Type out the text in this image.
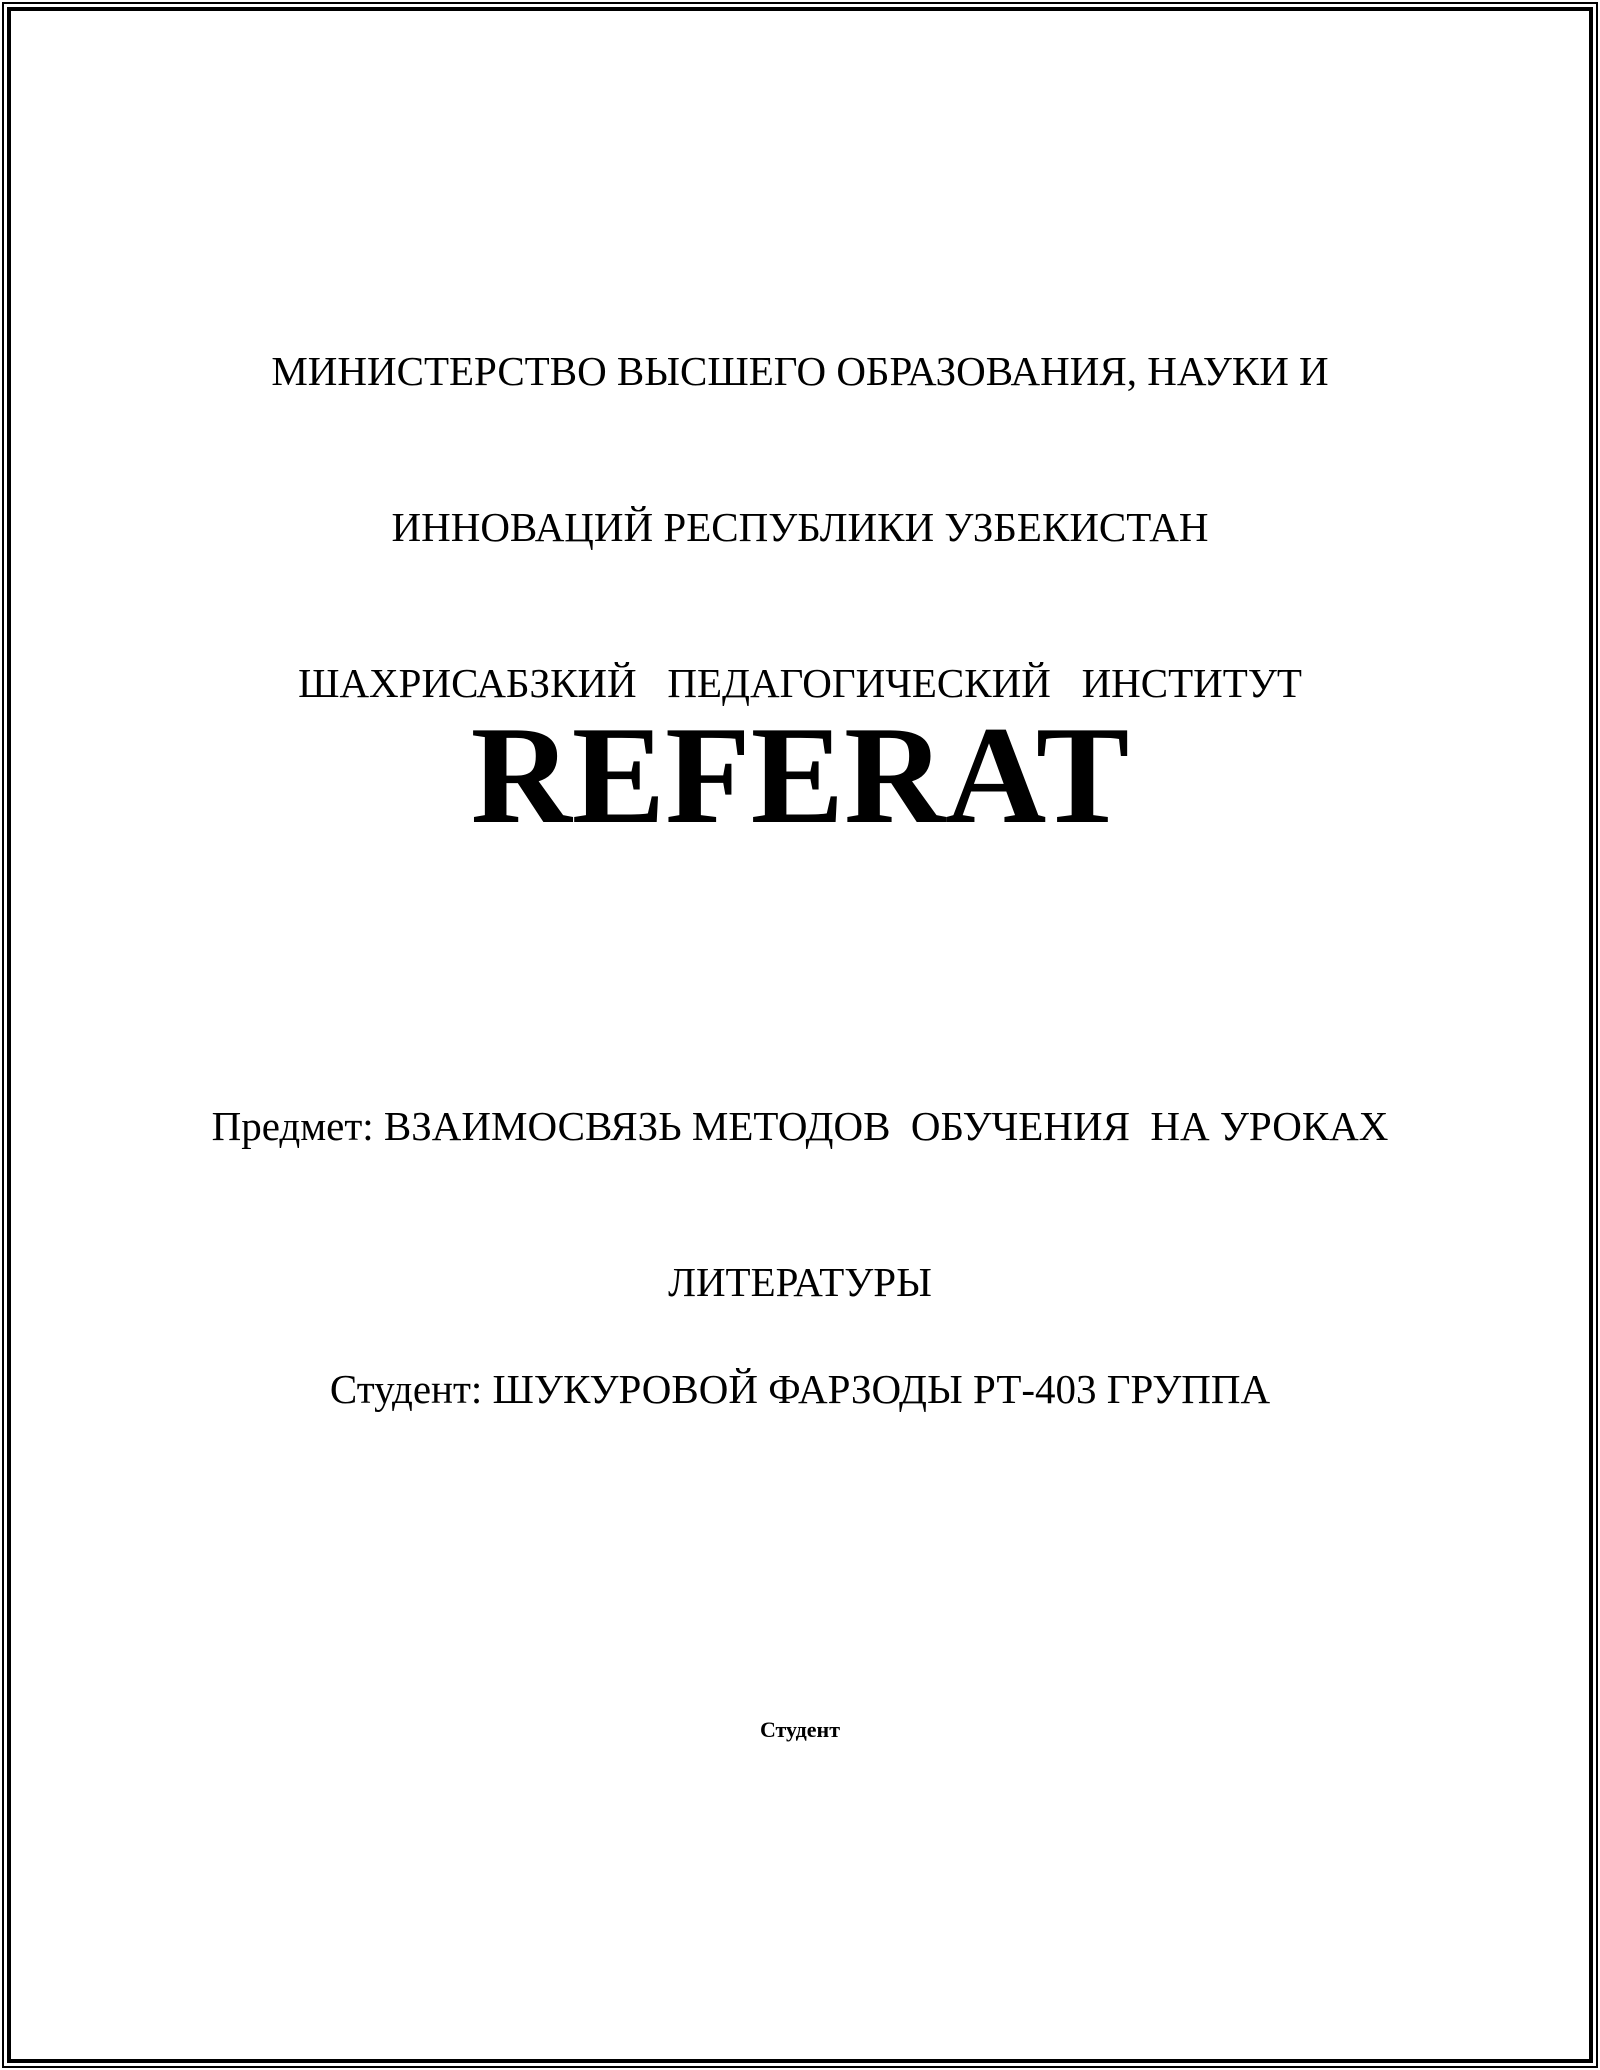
МИНИСТЕРСТВО ВЫСШЕГО ОБРАЗОВАНИЯ, НАУКИ И

ИННОВАЦИЙ РЕСПУБЛИКИ УЗБЕКИСТАН

ШАХРИСАБЗКИЙ   ПЕДАГОГИЧЕСКИЙ   ИНСТИТУТ

REFERAT

Предмет: ВЗАИМОСВЯЗЬ МЕТОДОВ  ОБУЧЕНИЯ  НА УРОКАХ

ЛИТЕРАТУРЫ

Студент: ШУКУРОВОЙ ФАРЗОДЫ РТ-403 ГРУППА
Студент
